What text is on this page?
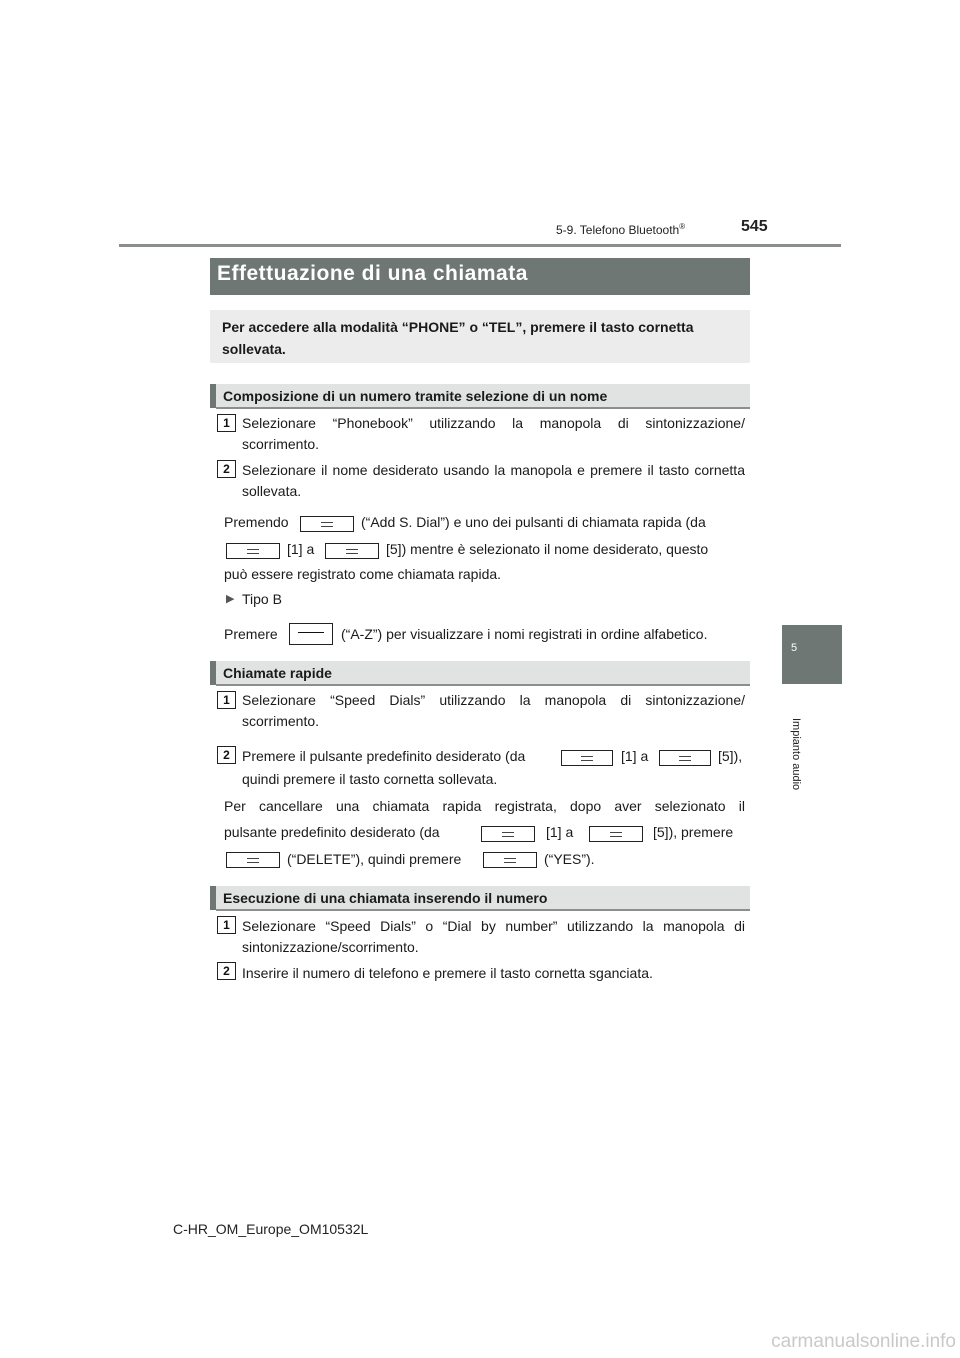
5-9. Telefono Bluetooth®	545
5
Impianto audio
Effettuazione di una chiamata
Per accedere alla modalità “PHONE” o “TEL”, premere il tasto cornetta sollevata.
Composizione di un numero tramite selezione di un nome
1 Selezionare “Phonebook” utilizzando la manopola di sintonizzazione/ scorrimento.
2 Selezionare il nome desiderato usando la manopola e premere il tasto cornetta sollevata.
Premendo	(“Add S. Dial”) e uno dei pulsanti di chiamata rapida (da
[1] a	[5]) mentre è selezionato il nome desiderato, questo
può essere registrato come chiamata rapida.
▶ Tipo B
Premere	(“A-Z”) per visualizzare i nomi registrati in ordine alfabetico.
Chiamate rapide
1 Selezionare “Speed Dials” utilizzando la manopola di sintonizzazione/ scorrimento.
2 Premere il pulsante predefinito desiderato (da	[1] a	[5]),
quindi premere il tasto cornetta sollevata.
Per cancellare una chiamata rapida registrata, dopo aver selezionato il
pulsante predefinito desiderato (da	[1] a	[5]), premere
(“DELETE”), quindi premere	(“YES”).
Esecuzione di una chiamata inserendo il numero
1 Selezionare “Speed Dials” o “Dial by number” utilizzando la manopola di sintonizzazione/scorrimento.
2 Inserire il numero di telefono e premere il tasto cornetta sganciata.
C-HR_OM_Europe_OM10532L
carmanualsonline.info
